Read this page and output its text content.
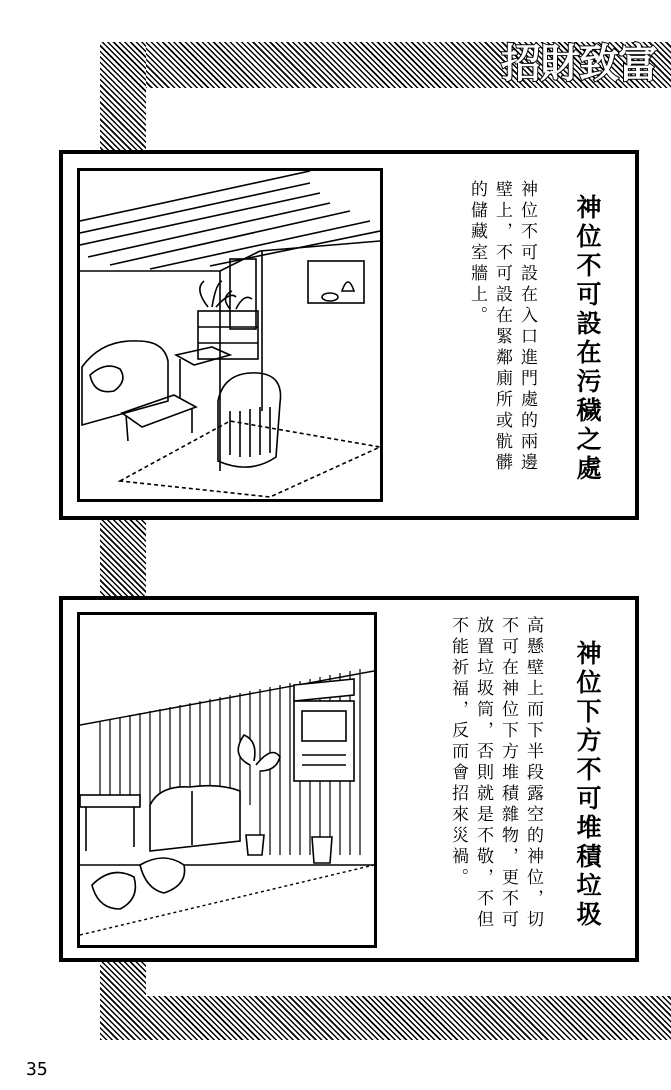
招財致富
神位不可設在污穢之處
神位不可設在入口進門處的兩邊壁上，不可設在緊鄰廁所或骯髒的儲藏室牆上。
神位下方不可堆積垃圾
高懸壁上而下半段露空的神位，切不可在神位下方堆積雜物，更不可放置垃圾筒，否則就是不敬，不但不能祈福，反而會招來災禍。
35
